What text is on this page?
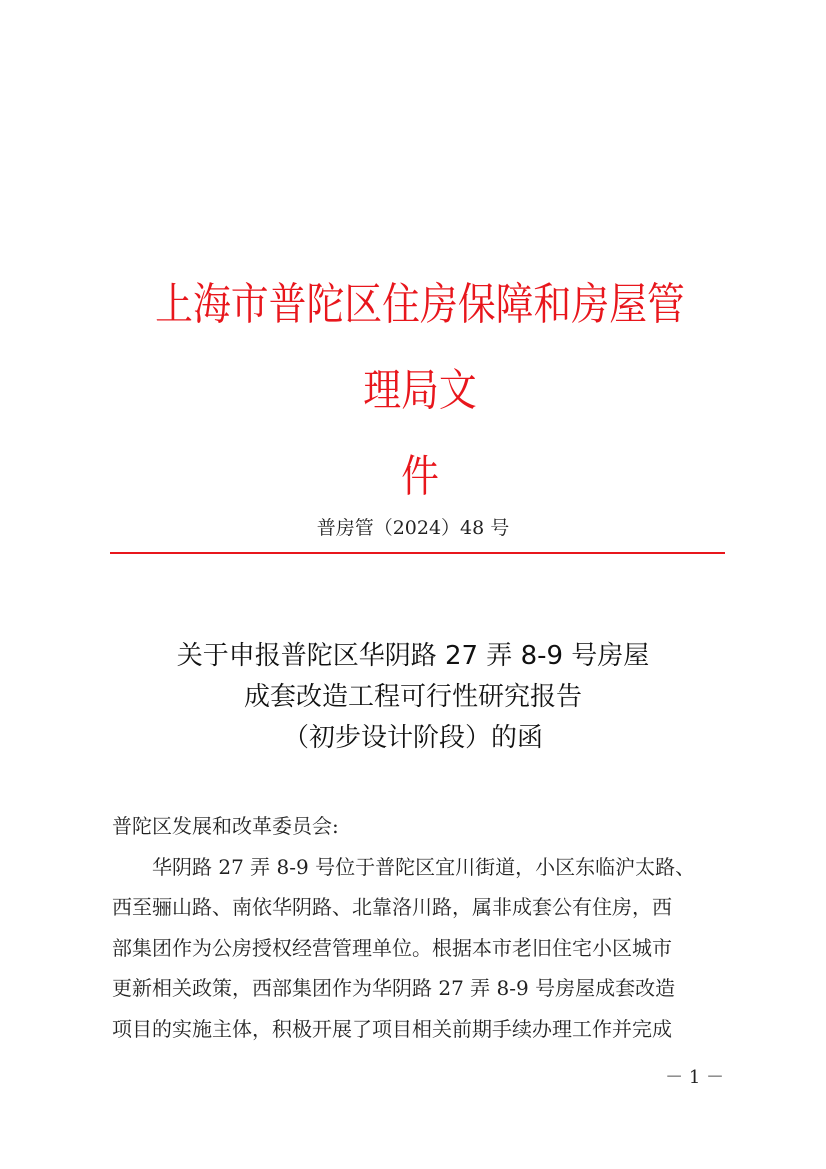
上海市普陀区住房保障和房屋管理局文
件
普房管（2024）48 号
关于申报普陀区华阴路 27 弄 8-9 号房屋
成套改造工程可行性研究报告
（初步设计阶段）的函

普陀区发展和改革委员会:

华阴路 27 弄 8-9 号位于普陀区宜川街道，小区东临沪太路、
西至骊山路、南依华阴路、北靠洛川路，属非成套公有住房，西
部集团作为公房授权经营管理单位。根据本市老旧住宅小区城市
更新相关政策，西部集团作为华阴路 27 弄 8-9 号房屋成套改造
项目的实施主体，积极开展了项目相关前期手续办理工作并完成

－ 1 －
